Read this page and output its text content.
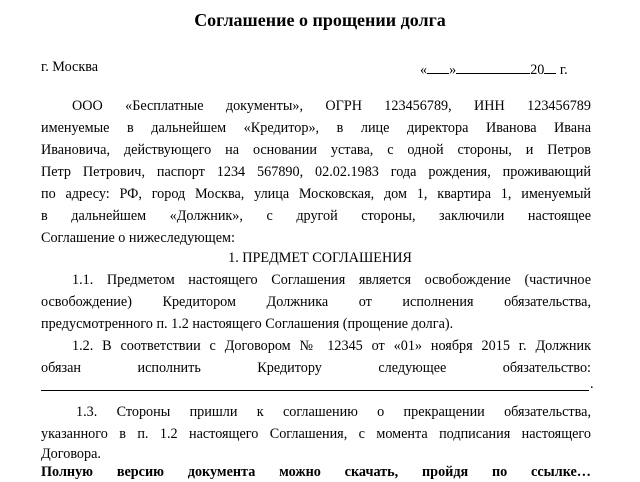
Соглашение о прощении долга
г. Москва	« »	20 г.
ООО «Бесплатные документы», ОГРН 123456789, ИНН 123456789
именуемые в дальнейшем «Кредитор», в лице директора Иванова Ивана
Ивановича, действующего на основании устава, с одной стороны, и Петров
Петр Петрович, паспорт 1234 567890, 02.02.1983 года рождения, проживающий
по адресу: РФ, город Москва, улица Московская, дом 1, квартира 1, именуемый
в дальнейшем «Должник», с другой стороны, заключили настоящее
Соглашение о нижеследующем:
1. ПРЕДМЕТ СОГЛАШЕНИЯ
1.1. Предметом настоящего Соглашения является освобождение (частичное
освобождение) Кредитором Должника от исполнения обязательства,
предусмотренного п. 1.2 настоящего Соглашения (прощение долга).
1.2. В соответствии с Договором № 12345 от «01» ноября 2015 г. Должник
обязан исполнить Кредитору следующее обязательство:
.
1.3. Стороны пришли к соглашению о прекращении обязательства,
указанного в п. 1.2 настоящего Соглашения, с момента подписания настоящего
Договора.
Полную версию документа можно скачать, пройдя по ссылке…
